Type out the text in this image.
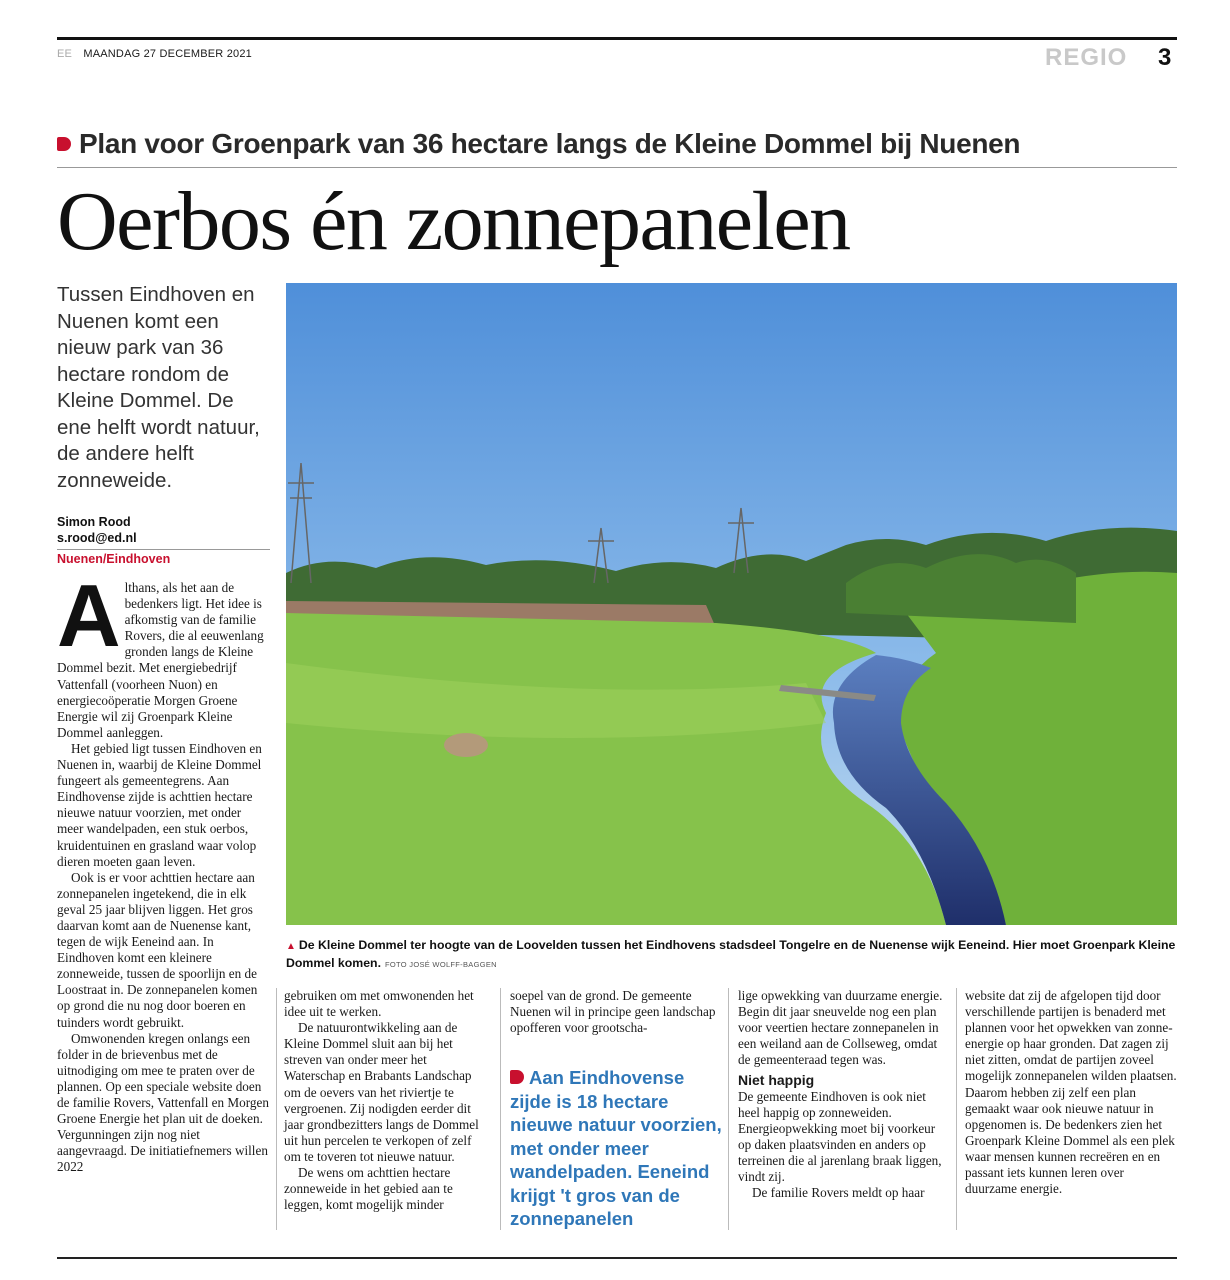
EE MAANDAG 27 DECEMBER 2021	REGIO 3
Plan voor Groenpark van 36 hectare langs de Kleine Dommel bij Nuenen
Oerbos én zonnepanelen
Tussen Eindhoven en Nuenen komt een nieuw park van 36 hectare rondom de Kleine Dommel. De ene helft wordt natuur, de andere helft zonneweide.
Simon Rood
s.rood@ed.nl
Nuenen/Eindhoven
A lthans, als het aan de bedenkers ligt. Het idee is afkomstig van de familie Rovers, die al eeuwenlang gronden langs de Kleine Dommel bezit. Met energiebedrijf Vattenfall (voorheen Nuon) en energiecoöperatie Morgen Groene Energie wil zij Groenpark Kleine Dommel aanleggen.

Het gebied ligt tussen Eindhoven en Nuenen in, waarbij de Kleine Dommel fungeert als gemeentegrens. Aan Eindhovense zijde is achttien hectare nieuwe natuur voorzien, met onder meer wandelpaden, een stuk oerbos, kruidentuinen en grasland waar volop dieren moeten gaan leven.

Ook is er voor achttien hectare aan zonnepanelen ingetekend, die in elk geval 25 jaar blijven liggen. Het gros daarvan komt aan de Nuenense kant, tegen de wijk Eeneind aan. In Eindhoven komt een kleinere zonneweide, tussen de spoorlijn en de Loostraat in. De zonnepanelen komen op grond die nu nog door boeren en tuinders wordt gebruikt.

Omwonenden kregen onlangs een folder in de brievenbus met de uitnodiging om mee te praten over de plannen. Op een speciale website doen de familie Rovers, Vattenfall en Morgen Groene Energie het plan uit de doeken. Vergunningen zijn nog niet aangevraagd. De initiatiefnemers willen 2022

▲ De Kleine Dommel ter hoogte van de Loovelden tussen het Eindhovens stadsdeel Tongelre en de Nuenense wijk Eeneind. Hier moet Groenpark Kleine Dommel komen. FOTO JOSÉ WOLFF-BAGGEN

gebruiken om met omwonenden het idee uit te werken.

De natuurontwikkeling aan de Kleine Dommel sluit aan bij het streven van onder meer het Waterschap en Brabants Landschap om de oevers van het riviertje te vergroenen. Zij nodigden eerder dit jaar grondbezitters langs de Dommel uit hun percelen te verkopen of zelf om te toveren tot nieuwe natuur.

De wens om achttien hectare zonneweide in het gebied aan te leggen, komt mogelijk minder

soepel van de grond. De gemeente Nuenen wil in principe geen landschap opofferen voor grootscha-

Aan Eindhovense zijde is 18 hectare nieuwe natuur voorzien, met onder meer wandelpaden. Eeneind krijgt 't gros van de zonnepanelen

lige opwekking van duurzame energie. Begin dit jaar sneuvelde nog een plan voor veertien hectare zonnepanelen in een weiland aan de Collseweg, omdat de gemeenteraad tegen was.

Niet happig

De gemeente Eindhoven is ook niet heel happig op zonneweiden. Energieopwekking moet bij voorkeur op daken plaatsvinden en anders op terreinen die al jarenlang braak liggen, vindt zij.

De familie Rovers meldt op haar

website dat zij de afgelopen tijd door verschillende partijen is benaderd met plannen voor het opwekken van zonne-energie op haar gronden. Dat zagen zij niet zitten, omdat de partijen zoveel mogelijk zonnepanelen wilden plaatsen. Daarom hebben zij zelf een plan gemaakt waar ook nieuwe natuur in opgenomen is. De bedenkers zien het Groenpark Kleine Dommel als een plek waar mensen kunnen recreëren en en passant iets kunnen leren over duurzame energie.
